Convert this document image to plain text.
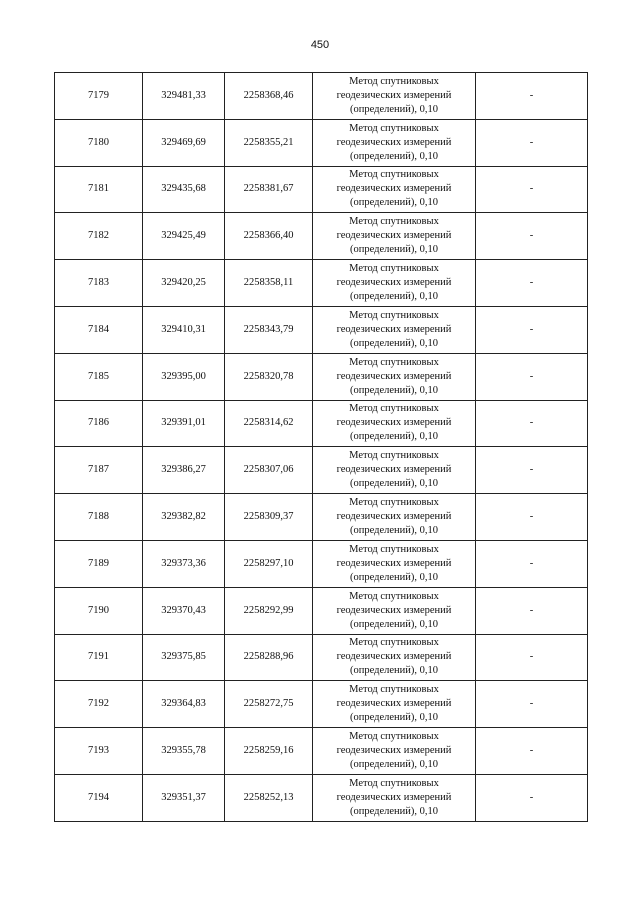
450
7179	329481,33	2258368,46	Метод спутниковых
геодезических измерений
(определений), 0,10	-
7180	329469,69	2258355,21	Метод спутниковых
геодезических измерений
(определений), 0,10	-
7181	329435,68	2258381,67	Метод спутниковых
геодезических измерений
(определений), 0,10	-
7182	329425,49	2258366,40	Метод спутниковых
геодезических измерений
(определений), 0,10	-
7183	329420,25	2258358,11	Метод спутниковых
геодезических измерений
(определений), 0,10	-
7184	329410,31	2258343,79	Метод спутниковых
геодезических измерений
(определений), 0,10	-
7185	329395,00	2258320,78	Метод спутниковых
геодезических измерений
(определений), 0,10	-
7186	329391,01	2258314,62	Метод спутниковых
геодезических измерений
(определений), 0,10	-
7187	329386,27	2258307,06	Метод спутниковых
геодезических измерений
(определений), 0,10	-
7188	329382,82	2258309,37	Метод спутниковых
геодезических измерений
(определений), 0,10	-
7189	329373,36	2258297,10	Метод спутниковых
геодезических измерений
(определений), 0,10	-
7190	329370,43	2258292,99	Метод спутниковых
геодезических измерений
(определений), 0,10	-
7191	329375,85	2258288,96	Метод спутниковых
геодезических измерений
(определений), 0,10	-
7192	329364,83	2258272,75	Метод спутниковых
геодезических измерений
(определений), 0,10	-
7193	329355,78	2258259,16	Метод спутниковых
геодезических измерений
(определений), 0,10	-
7194	329351,37	2258252,13	Метод спутниковых
геодезических измерений
(определений), 0,10	-
